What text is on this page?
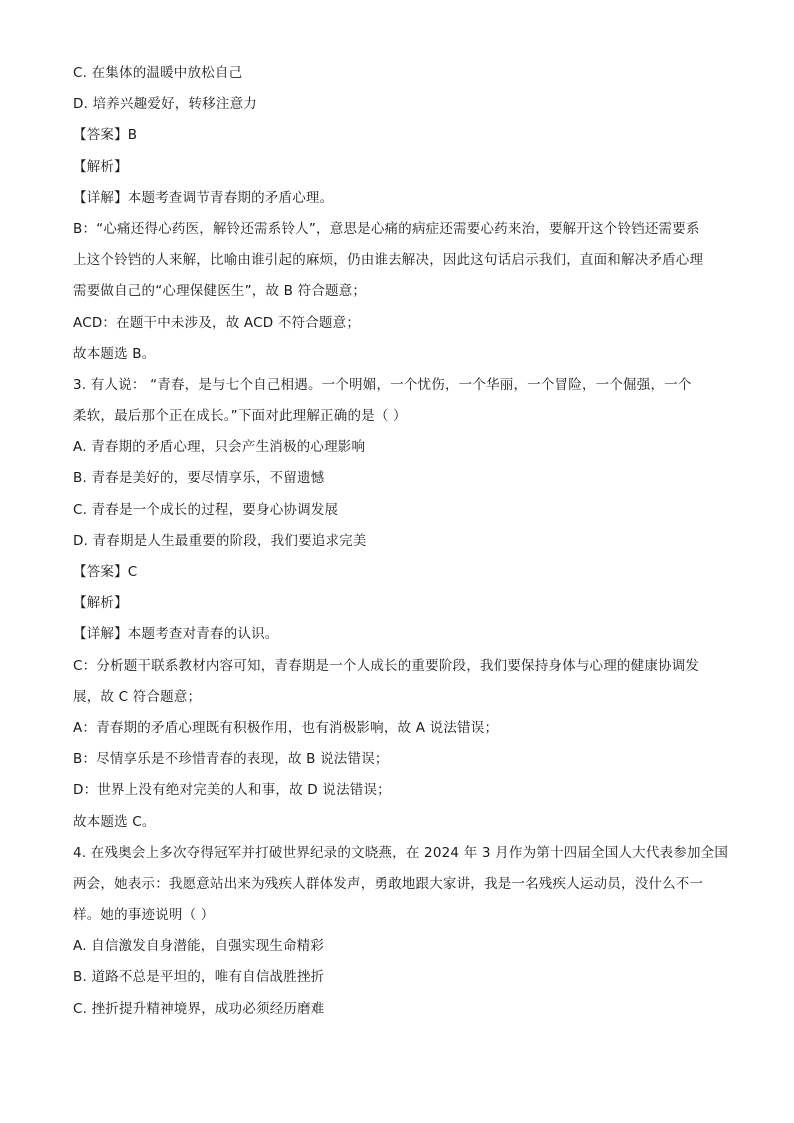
C. 在集体的温暖中放松自己
D. 培养兴趣爱好，转移注意力
【答案】B
【解析】
【详解】本题考查调节青春期的矛盾心理。
B：“心痛还得心药医，解铃还需系铃人”，意思是心痛的病症还需要心药来治，要解开这个铃铛还需要系
上这个铃铛的人来解，比喻由谁引起的麻烦，仍由谁去解决，因此这句话启示我们，直面和解决矛盾心理
需要做自己的“心理保健医生”，故 B 符合题意；
ACD：在题干中未涉及，故 ACD 不符合题意；
故本题选 B。
3. 有人说： “青春，是与七个自己相遇。一个明媚，一个忧伤，一个华丽，一个冒险，一个倔强，一个
柔软，最后那个正在成长。”下面对此理解正确的是（ ）
A. 青春期的矛盾心理，只会产生消极的心理影响
B. 青春是美好的，要尽情享乐，不留遗憾
C. 青春是一个成长的过程，要身心协调发展
D. 青春期是人生最重要的阶段，我们要追求完美
【答案】C
【解析】
【详解】本题考查对青春的认识。
C：分析题干联系教材内容可知，青春期是一个人成长的重要阶段，我们要保持身体与心理的健康协调发
展，故 C 符合题意；
A：青春期的矛盾心理既有积极作用，也有消极影响，故 A 说法错误；
B：尽情享乐是不珍惜青春的表现，故 B 说法错误；
D：世界上没有绝对完美的人和事，故 D 说法错误；
故本题选 C。
4. 在残奥会上多次夺得冠军并打破世界纪录的文晓燕，在 2024 年 3 月作为第十四届全国人大代表参加全国
两会，她表示：我愿意站出来为残疾人群体发声，勇敢地跟大家讲，我是一名残疾人运动员，没什么不一
样。她的事迹说明（ ）
A. 自信激发自身潜能，自强实现生命精彩
B. 道路不总是平坦的，唯有自信战胜挫折
C. 挫折提升精神境界，成功必须经历磨难
